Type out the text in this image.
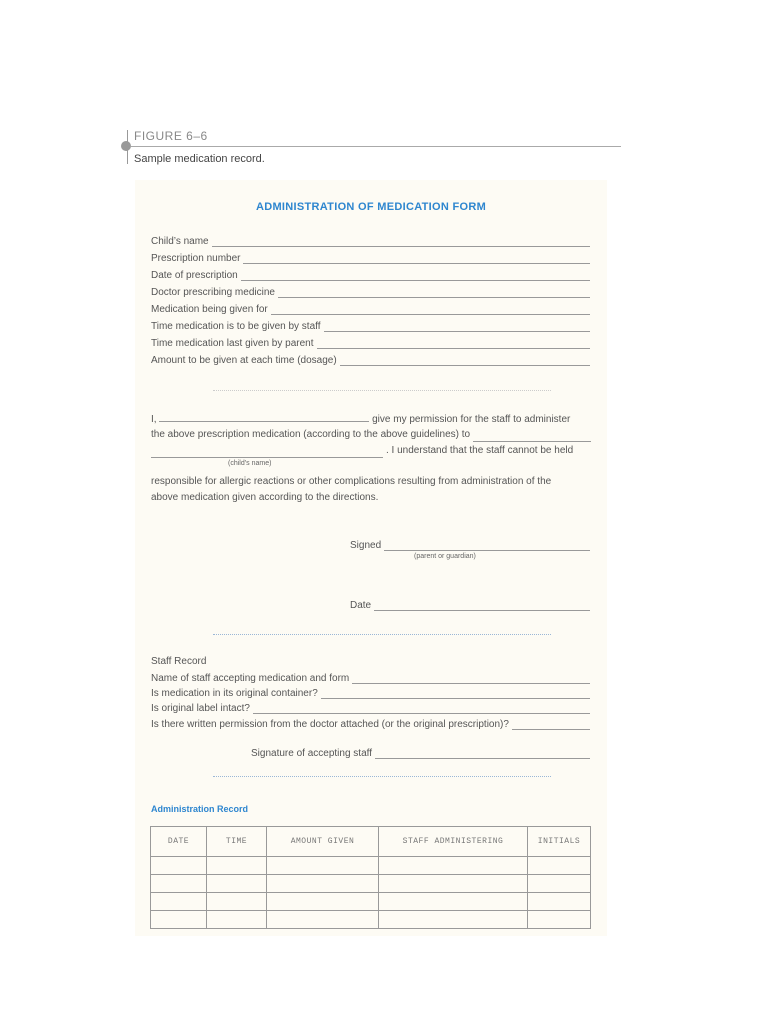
FIGURE 6–6
Sample medication record.
ADMINISTRATION OF MEDICATION FORM
Child’s name
Prescription number
Date of prescription
Doctor prescribing medicine
Medication being given for
Time medication is to be given by staff
Time medication last given by parent
Amount to be given at each time (dosage)
I,	give my permission for the staff to administer
the above prescription medication (according to the above guidelines) to
. I understand that the staff cannot be held
(child’s name)
responsible for allergic reactions or other complications resulting from administration of the
above medication given according to the directions.
Signed
(parent or guardian)
Date
Staff Record
Name of staff accepting medication and form
Is medication in its original container?
Is original label intact?
Is there written permission from the doctor attached (or the original prescription)?
Signature of accepting staff
Administration Record
DATE	TIME	AMOUNT GIVEN	STAFF ADMINISTERING	INITIALS
